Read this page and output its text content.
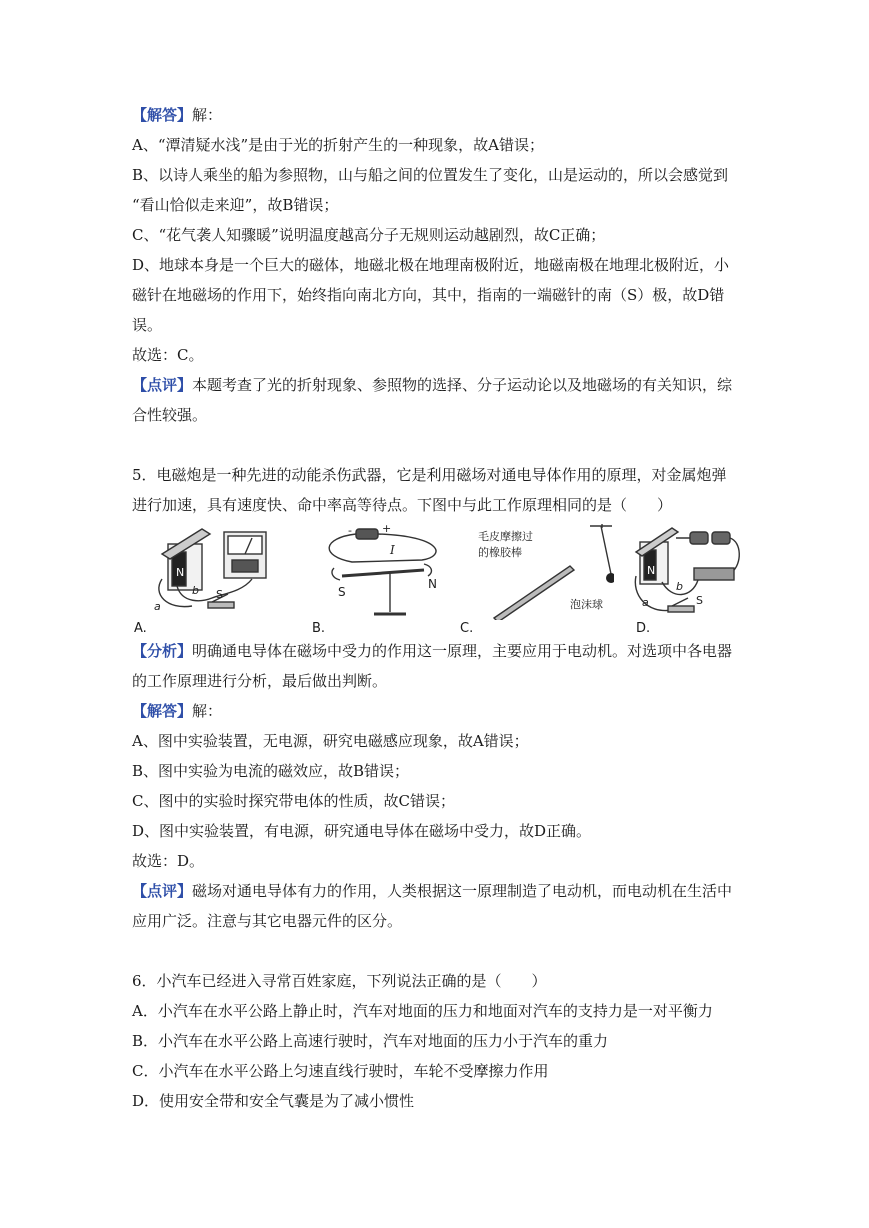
【解答】解：
A、“潭清疑水浅”是由于光的折射产生的一种现象，故A错误；
B、以诗人乘坐的船为参照物，山与船之间的位置发生了变化，山是运动的，所以会感觉到
“看山恰似走来迎”，故B错误；
C、“花气袭人知骤暖”说明温度越高分子无规则运动越剧烈，故C正确；
D、地球本身是一个巨大的磁体，地磁北极在地理南极附近，地磁南极在地理北极附近，小
磁针在地磁场的作用下，始终指向南北方向，其中，指南的一端磁针的南（S）极，故D错
误。
故选：C。
【点评】本题考查了光的折射现象、参照物的选择、分子运动论以及地磁场的有关知识，综
合性较强。
5．电磁炮是一种先进的动能杀伤武器，它是利用磁场对通电导体作用的原理，对金属炮弹
进行加速，具有速度快、命中率高等待点。下图中与此工作原理相同的是（　　）
N
b
a
S
A.
+
-
I
S
N
B.
毛皮摩擦过
的橡胶棒
泡沫球
C.
N
b
a	S
D.
【分析】明确通电导体在磁场中受力的作用这一原理，主要应用于电动机。对选项中各电器
的工作原理进行分析，最后做出判断。
【解答】解：
A、图中实验装置，无电源，研究电磁感应现象，故A错误；
B、图中实验为电流的磁效应，故B错误；
C、图中的实验时探究带电体的性质，故C错误；
D、图中实验装置，有电源，研究通电导体在磁场中受力，故D正确。
故选：D。
【点评】磁场对通电导体有力的作用，人类根据这一原理制造了电动机，而电动机在生活中
应用广泛。注意与其它电器元件的区分。
6．小汽车已经进入寻常百姓家庭，下列说法正确的是（　　）
A．小汽车在水平公路上静止时，汽车对地面的压力和地面对汽车的支持力是一对平衡力
B．小汽车在水平公路上高速行驶时，汽车对地面的压力小于汽车的重力
C．小汽车在水平公路上匀速直线行驶时，车轮不受摩擦力作用
D．使用安全带和安全气囊是为了减小惯性
